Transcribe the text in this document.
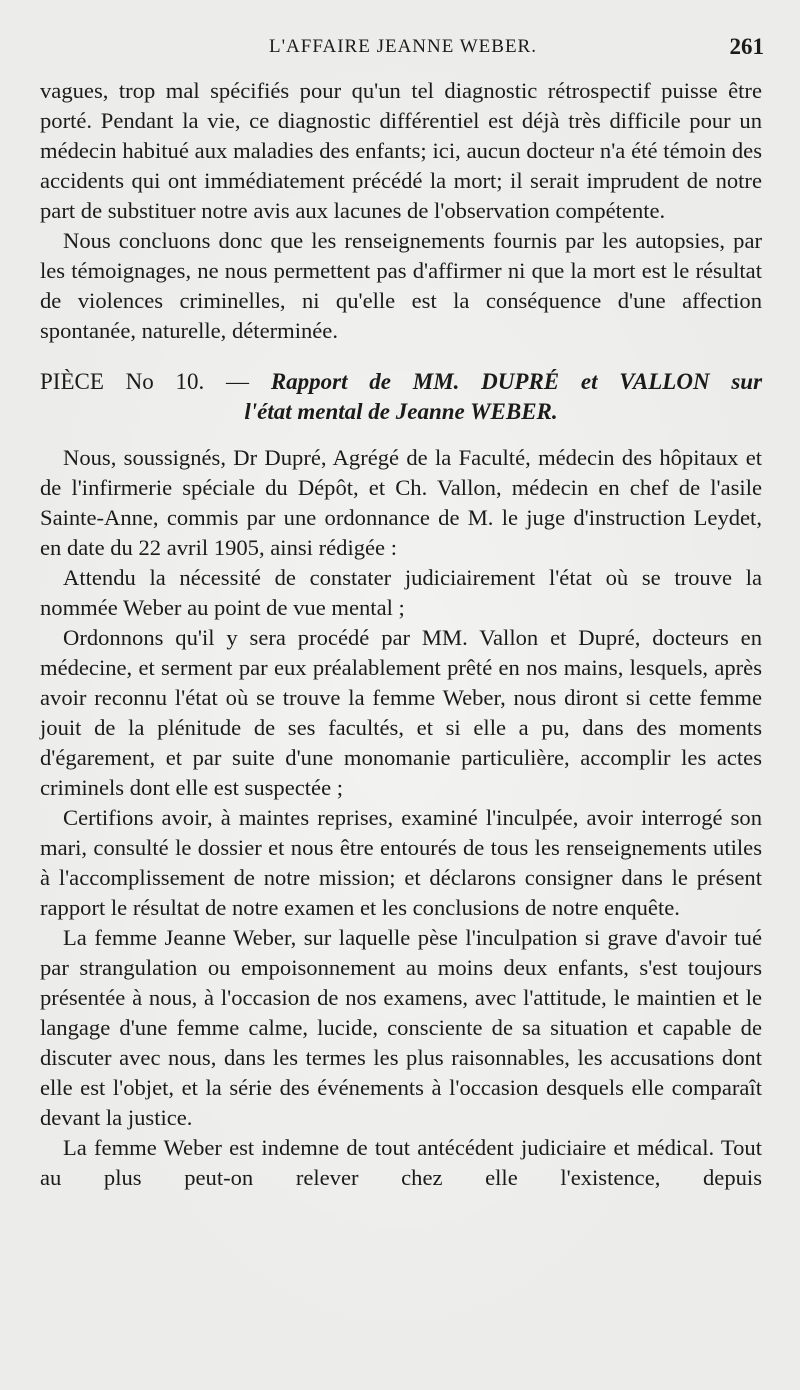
L'AFFAIRE JEANNE WEBER.	261

vagues, trop mal spécifiés pour qu'un tel diagnostic rétrospectif puisse être porté. Pendant la vie, ce diagnostic différentiel est déjà très difficile pour un médecin habitué aux maladies des enfants; ici, aucun docteur n'a été témoin des accidents qui ont immédiatement précédé la mort; il serait imprudent de notre part de substituer notre avis aux lacunes de l'observation compétente.

Nous concluons donc que les renseignements fournis par les autopsies, par les témoignages, ne nous permettent pas d'affirmer ni que la mort est le résultat de violences criminelles, ni qu'elle est la conséquence d'une affection spontanée, naturelle, déterminée.

PIÈCE No 10. — Rapport de MM. DUPRÉ et VALLON sur
l'état mental de Jeanne WEBER.

Nous, soussignés, Dr Dupré, Agrégé de la Faculté, médecin des hôpitaux et de l'infirmerie spéciale du Dépôt, et Ch. Vallon, médecin en chef de l'asile Sainte-Anne, commis par une ordonnance de M. le juge d'instruction Leydet, en date du 22 avril 1905, ainsi rédigée :

Attendu la nécessité de constater judiciairement l'état où se trouve la nommée Weber au point de vue mental ;

Ordonnons qu'il y sera procédé par MM. Vallon et Dupré, docteurs en médecine, et serment par eux préalablement prêté en nos mains, lesquels, après avoir reconnu l'état où se trouve la femme Weber, nous diront si cette femme jouit de la plénitude de ses facultés, et si elle a pu, dans des moments d'égarement, et par suite d'une monomanie particulière, accomplir les actes criminels dont elle est suspectée ;

Certifions avoir, à maintes reprises, examiné l'inculpée, avoir interrogé son mari, consulté le dossier et nous être entourés de tous les renseignements utiles à l'accomplissement de notre mission; et déclarons consigner dans le présent rapport le résultat de notre examen et les conclusions de notre enquête.

La femme Jeanne Weber, sur laquelle pèse l'inculpation si grave d'avoir tué par strangulation ou empoisonnement au moins deux enfants, s'est toujours présentée à nous, à l'occasion de nos examens, avec l'attitude, le maintien et le langage d'une femme calme, lucide, consciente de sa situation et capable de discuter avec nous, dans les termes les plus raisonnables, les accusations dont elle est l'objet, et la série des événements à l'occasion desquels elle comparaît devant la justice.

La femme Weber est indemne de tout antécédent judiciaire et médical. Tout au plus peut-on relever chez elle l'existence, depuis
